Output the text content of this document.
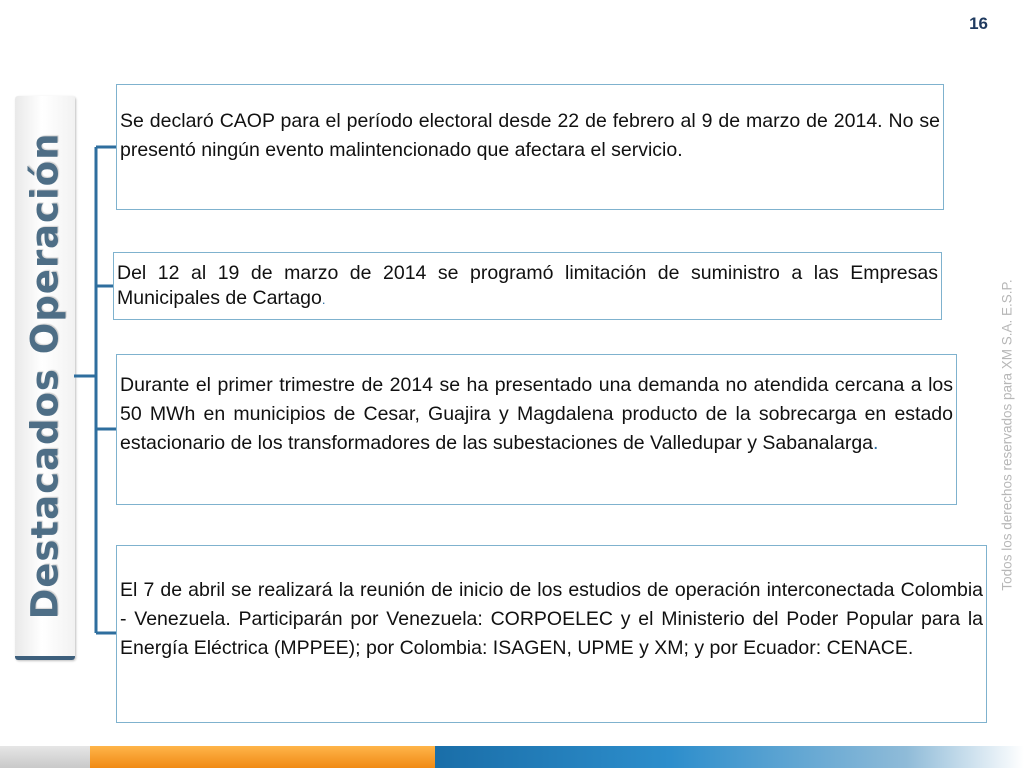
16
Destacados Operación

Se declaró CAOP para el período electoral desde 22 de febrero al 9 de marzo de 2014. No se presentó ningún evento malintencionado que afectara el servicio.

Del 12 al 19 de marzo de 2014 se programó limitación de suministro a las Empresas Municipales de Cartago.

Durante el primer trimestre de 2014 se ha presentado una demanda no atendida cercana a los 50 MWh en municipios de Cesar, Guajira y Magdalena producto de la sobrecarga en estado estacionario de los transformadores de las subestaciones de Valledupar y Sabanalarga.

El 7 de abril se realizará la reunión de inicio de los estudios de operación interconectada Colombia - Venezuela. Participarán por Venezuela: CORPOELEC y el Ministerio del Poder Popular para la Energía Eléctrica (MPPEE); por Colombia: ISAGEN, UPME y XM; y por Ecuador: CENACE.

Todos los derechos reservados para XM S.A. E.S.P.
